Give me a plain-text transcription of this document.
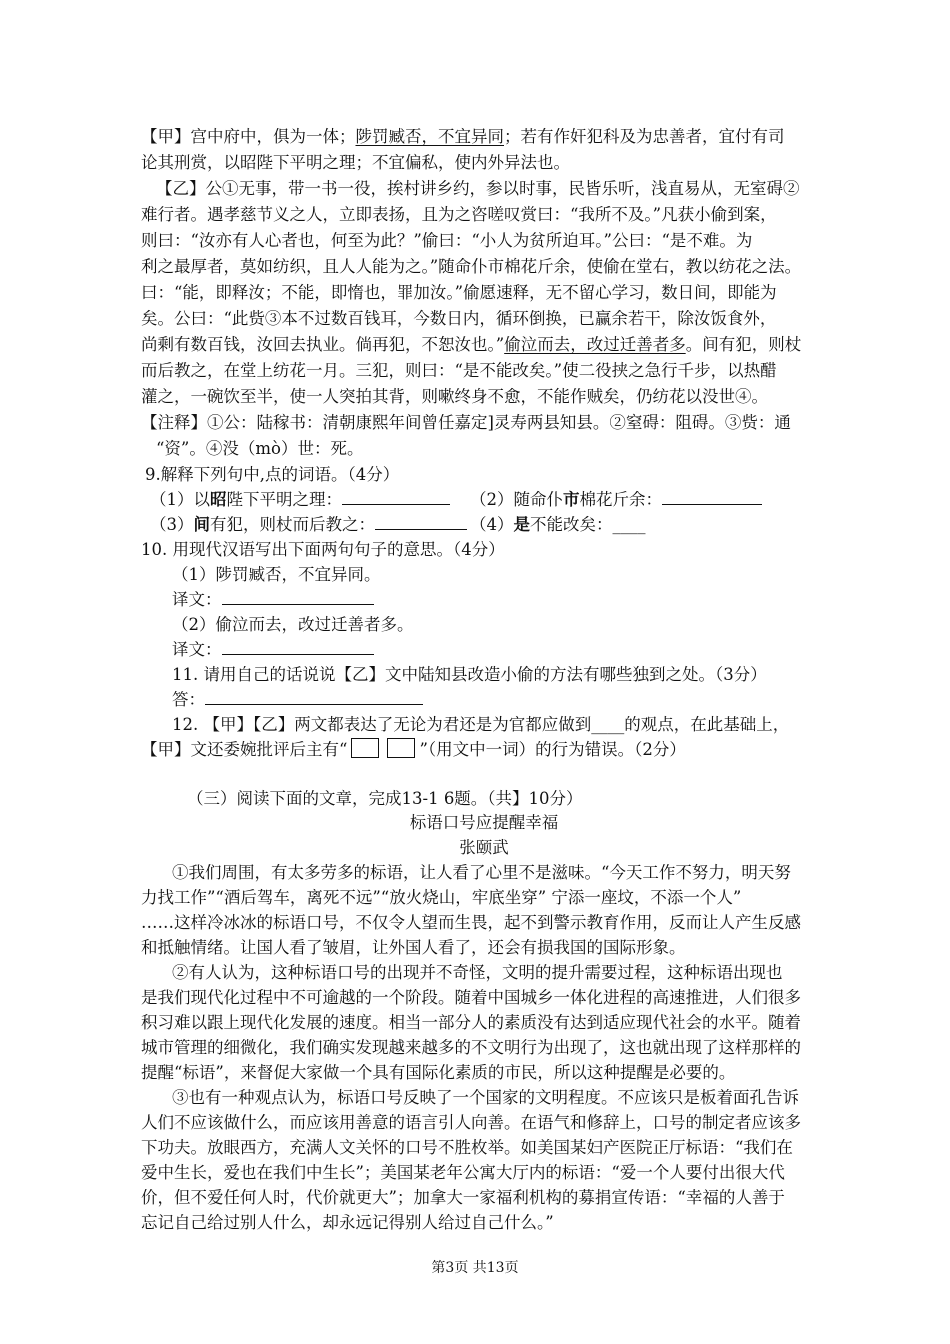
【甲】宫中府中，俱为一体；陟罚臧否，不宜异同；若有作奸犯科及为忠善者，宜付有司
论其刑赏，以昭陛下平明之理；不宜偏私，使内外异法也。
【乙】公①无事，带一书一役，挨村讲乡约，参以时事，民皆乐听，浅直易从，无室碍②
难行者。遇孝慈节义之人，立即表扬，且为之咨嗟叹赏曰：“我所不及。”凡获小偷到案，
则曰：“汝亦有人心者也，何至为此？”偷曰：“小人为贫所迫耳。”公曰：“是不难。为
利之最厚者，莫如纺织，且人人能为之。”随命仆市棉花斤余，使偷在堂右，教以纺花之法。
曰：“能，即释汝；不能，即惰也，罪加汝。”偷愿速释，无不留心学习，数日间，即能为
矣。公曰：“此赀③本不过数百钱耳，今数日内，循环倒换，已赢余若干，除汝饭食外，
尚剩有数百钱，汝回去执业。倘再犯，不恕汝也。”偷泣而去，改过迁善者多。间有犯，则杖
而后教之，在堂上纺花一月。三犯，则曰：“是不能改矣。”使二役挟之急行千步，以热醋
灌之，一碗饮至半，使一人突拍其背，则嗽终身不愈，不能作贼矣，仍纺花以没世④。
【注释】①公：陆稼书：清朝康熙年间曾任嘉定]灵寿两县知县。②窒碍：阻碍。③赀：通
“资”。④没（mò）世：死。
9.解释下列句中,点的词语。（4分）
（1）以昭陛下平明之理：	（2）随命仆市棉花斤余：
（3）间有犯，则杖而后教之：	（4）是不能改矣：____
10. 用现代汉语写出下面两句句子的意思。（4分）
（1）陟罚臧否，不宜异同。
译文：
（2）偷泣而去，改过迁善者多。
译文：
11. 请用自己的话说说【乙】文中陆知县改造小偷的方法有哪些独到之处。（3分）
答：
12. 【甲】【乙】两文都表达了无论为君还是为官都应做到____的观点，在此基础上，
【甲】文还委婉批评后主有“	”（用文中一词）的行为错误。（2分）
（三）阅读下面的文章，完成13-1 6题。（共】10分）
标语口号应提醒幸福
张颐武
①我们周围，有太多劳多的标语，让人看了心里不是滋味。“今天工作不努力，明天努
力找工作”“酒后驾车，离死不远”“放火烧山，牢底坐穿” 宁添一座坟，不添一个人”
……这样冷冰冰的标语口号，不仅令人望而生畏，起不到警示教育作用，反而让人产生反感
和抵触情绪。让国人看了皱眉，让外国人看了，还会有损我国的国际形象。
②有人认为，这种标语口号的出现并不奇怪，文明的提升需要过程，这种标语出现也
是我们现代化过程中不可逾越的一个阶段。随着中国城乡一体化进程的高速推进，人们很多
积习难以跟上现代化发展的速度。相当一部分人的素质没有达到适应现代社会的水平。随着
城市管理的细微化，我们确实发现越来越多的不文明行为出现了，这也就出现了这样那样的
提醒“标语”，来督促大家做一个具有国际化素质的市民，所以这种提醒是必要的。
③也有一种观点认为，标语口号反映了一个国家的文明程度。不应该只是板着面孔告诉
人们不应该做什么，而应该用善意的语言引人向善。在语气和修辞上，口号的制定者应该多
下功夫。放眼西方，充满人文关怀的口号不胜枚举。如美国某妇产医院正厅标语：“我们在
爱中生长，爱也在我们中生长”；美国某老年公寓大厅内的标语：“爱一个人要付出很大代
价，但不爱任何人时，代价就更大”；加拿大一家福利机构的募捐宣传语：“幸福的人善于
忘记自己给过别人什么，却永远记得别人给过自己什么。”
第3页 共13页
